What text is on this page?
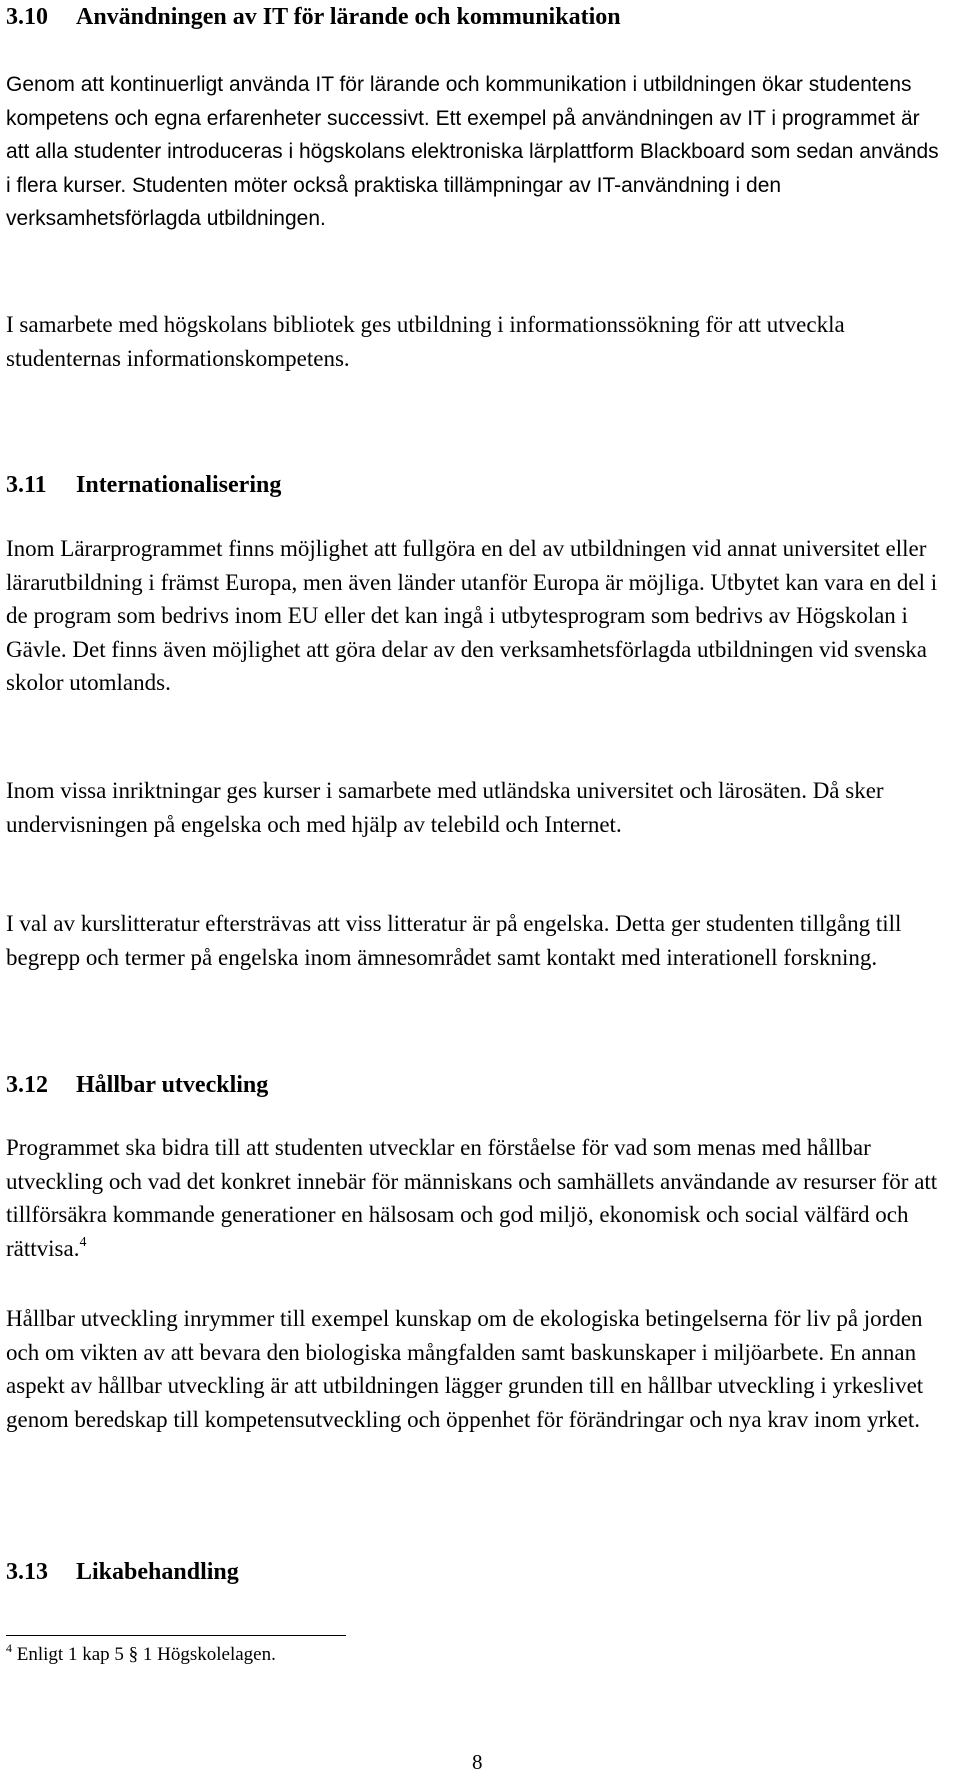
3.10 Användningen av IT för lärande och kommunikation

Genom att kontinuerligt använda IT för lärande och kommunikation i utbildningen ökar studentens kompetens och egna erfarenheter successivt. Ett exempel på användningen av IT i programmet är att alla studenter introduceras i högskolans elektroniska lärplattform Blackboard som sedan används i flera kurser. Studenten möter också praktiska tillämpningar av IT-användning i den verksamhetsförlagda utbildningen.

I samarbete med högskolans bibliotek ges utbildning i informationssökning för att utveckla studenternas informationskompetens.

3.11 Internationalisering

Inom Lärarprogrammet finns möjlighet att fullgöra en del av utbildningen vid annat universitet eller lärarutbildning i främst Europa, men även länder utanför Europa är möjliga. Utbytet kan vara en del i de program som bedrivs inom EU eller det kan ingå i utbytesprogram som bedrivs av Högskolan i Gävle. Det finns även möjlighet att göra delar av den verksamhetsförlagda utbildningen vid svenska skolor utomlands.

Inom vissa inriktningar ges kurser i samarbete med utländska universitet och lärosäten. Då sker undervisningen på engelska och med hjälp av telebild och Internet.

I val av kurslitteratur eftersträvas att viss litteratur är på engelska. Detta ger studenten tillgång till begrepp och termer på engelska inom ämnesområdet samt kontakt med interationell forskning.

3.12 Hållbar utveckling

Programmet ska bidra till att studenten utvecklar en förståelse för vad som menas med hållbar utveckling och vad det konkret innebär för människans och samhällets användande av resurser för att tillförsäkra kommande generationer en hälsosam och god miljö, ekonomisk och social välfärd och rättvisa.$^4$

Hållbar utveckling inrymmer till exempel kunskap om de ekologiska betingelserna för liv på jorden och om vikten av att bevara den biologiska mångfalden samt baskunskaper i miljöarbete. En annan aspekt av hållbar utveckling är att utbildningen lägger grunden till en hållbar utveckling i yrkeslivet genom beredskap till kompetensutveckling och öppenhet för förändringar och nya krav inom yrket.

3.13 Likabehandling

$^4$ Enligt 1 kap 5 § 1 Högskolelagen.

8
